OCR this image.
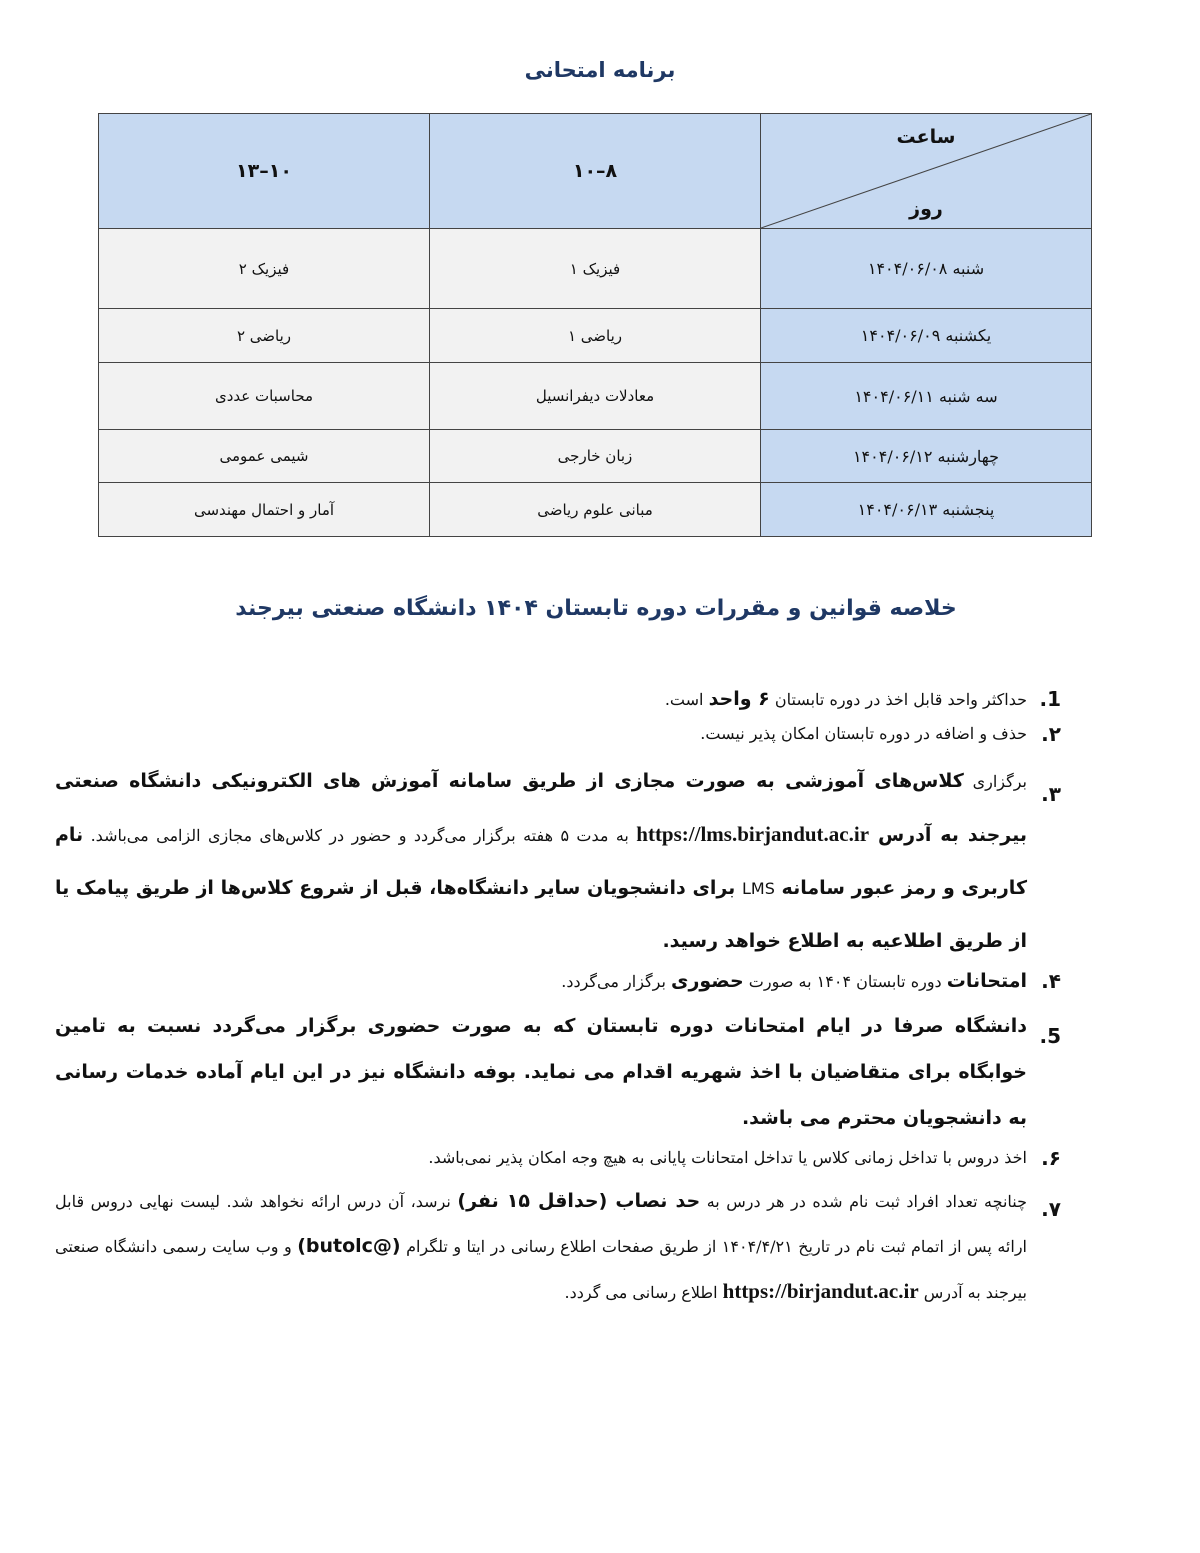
برنامه امتحانی
ساعت
روز	۸–۱۰	۱۰–۱۳
شنبه ۱۴۰۴/۰۶/۰۸	فیزیک ۱	فیزیک ۲
یکشنبه ۱۴۰۴/۰۶/۰۹	ریاضی ۱	ریاضی ۲
سه شنبه ۱۴۰۴/۰۶/۱۱	معادلات دیفرانسیل	محاسبات عددی
چهارشنبه ۱۴۰۴/۰۶/۱۲	زبان خارجی	شیمی عمومی
پنجشنبه ۱۴۰۴/۰۶/۱۳	مبانی علوم ریاضی	آمار و احتمال مهندسی
خلاصه قوانین و مقررات دوره تابستان ۱۴۰۴ دانشگاه صنعتی بیرجند
1.
حداکثر واحد قابل اخذ در دوره تابستان ۶ واحد است.
۲.
حذف و اضافه در دوره تابستان امکان پذیر نیست.
۳.
برگزاری کلاس‌های آموزشی به صورت مجازی از طریق سامانه آموزش های الکترونیکی دانشگاه صنعتی بیرجند به آدرس https://lms.birjandut.ac.ir به مدت ۵ هفته برگزار می‌گردد و حضور در کلاس‌های مجازی الزامی می‌باشد. نام کاربری و رمز عبور سامانه LMS برای دانشجویان سایر دانشگاه‌ها، قبل از شروع کلاس‌ها از طریق پیامک یا از طریق اطلاعیه به اطلاع خواهد رسید.
۴.
امتحانات دوره تابستان ۱۴۰۴ به صورت حضوری برگزار می‌گردد.
5.
دانشگاه صرفا در ایام امتحانات دوره تابستان که به صورت حضوری برگزار می‌گردد نسبت به تامین خوابگاه برای متقاضیان با اخذ شهریه اقدام می نماید. بوفه دانشگاه نیز در این ایام آماده خدمات رسانی به دانشجویان محترم می باشد.
۶.
اخذ دروس با تداخل زمانی کلاس یا تداخل امتحانات پایانی به هیچ وجه امکان پذیر نمی‌باشد.
۷.
چنانچه تعداد افراد ثبت نام شده در هر درس به حد نصاب (حداقل ۱۵ نفر) نرسد، آن درس ارائه نخواهد شد. لیست نهایی دروس قابل ارائه پس از اتمام ثبت نام در تاریخ ۱۴۰۴/۴/۲۱ از طریق صفحات اطلاع رسانی در ایتا و تلگرام (@butolc) و وب سایت رسمی دانشگاه صنعتی بیرجند به آدرس https://birjandut.ac.ir اطلاع رسانی می گردد.
